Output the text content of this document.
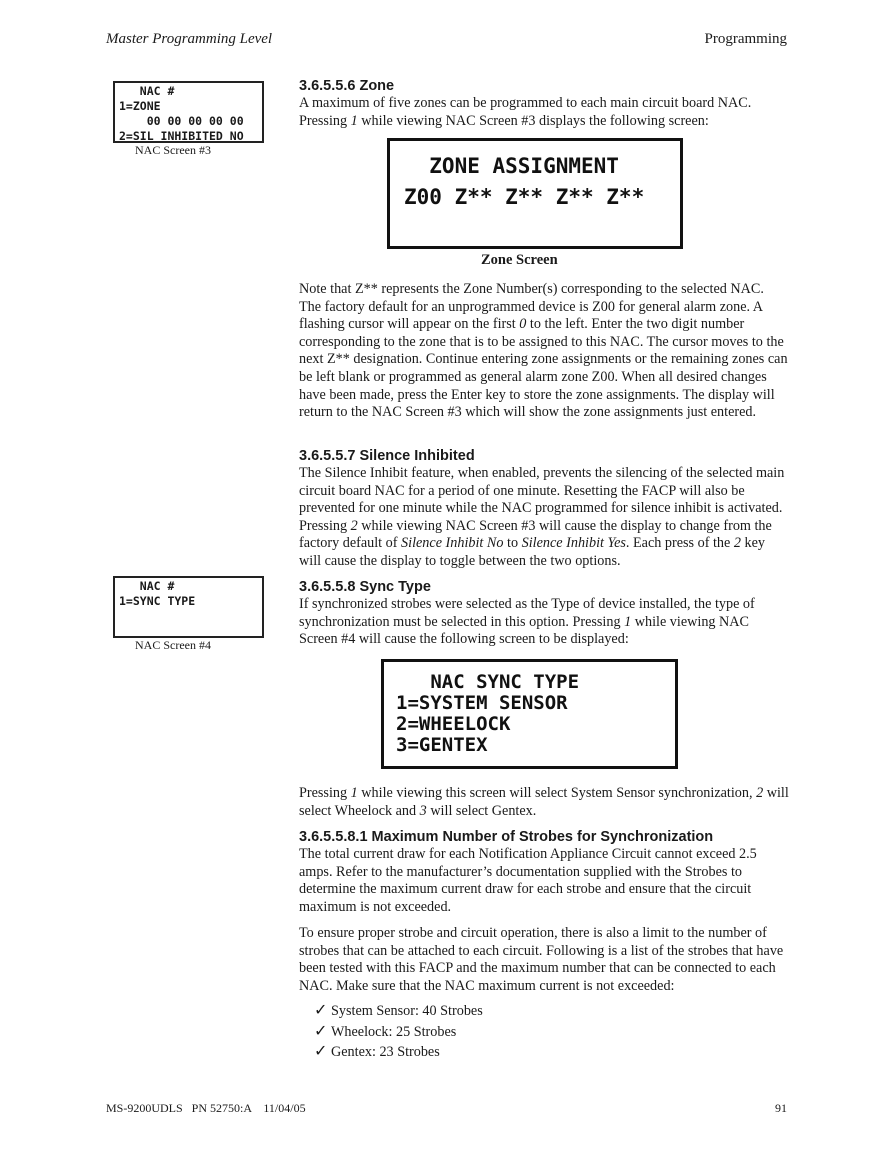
Master Programming Level	Programming
NAC #
1=ZONE
00 00 00 00 00
2=SIL INHIBITED NO
NAC Screen #3
NAC #
1=SYNC TYPE
NAC Screen #4
3.6.5.5.6 Zone

A maximum of five zones can be programmed to each main circuit board NAC. Pressing 1 while viewing NAC Screen #3 displays the following screen:

ZONE ASSIGNMENT
Z00 Z** Z** Z** Z**
Zone Screen

Note that Z** represents the Zone Number(s) corresponding to the selected NAC. The factory default for an unprogrammed device is Z00 for general alarm zone. A flashing cursor will appear on the first 0 to the left. Enter the two digit number corresponding to the zone that is to be assigned to this NAC. The cursor moves to the next Z** designation. Continue entering zone assignments or the remaining zones can be left blank or programmed as general alarm zone Z00. When all desired changes have been made, press the Enter key to store the zone assignments. The display will return to the NAC Screen #3 which will show the zone assignments just entered.

3.6.5.5.7 Silence Inhibited

The Silence Inhibit feature, when enabled, prevents the silencing of the selected main circuit board NAC for a period of one minute. Resetting the FACP will also be prevented for one minute while the NAC programmed for silence inhibit is activated. Pressing 2 while viewing NAC Screen #3 will cause the display to change from the factory default of Silence Inhibit No to Silence Inhibit Yes. Each press of the 2 key will cause the display to toggle between the two options.

3.6.5.5.8 Sync Type

If synchronized strobes were selected as the Type of device installed, the type of synchronization must be selected in this option. Pressing 1 while viewing NAC Screen #4 will cause the following screen to be displayed:

NAC SYNC TYPE
1=SYSTEM SENSOR
2=WHEELOCK
3=GENTEX

Pressing 1 while viewing this screen will select System Sensor synchronization, 2 will select Wheelock and 3 will select Gentex.

3.6.5.5.8.1 Maximum Number of Strobes for Synchronization

The total current draw for each Notification Appliance Circuit cannot exceed 2.5 amps. Refer to the manufacturer’s documentation supplied with the Strobes to determine the maximum current draw for each strobe and ensure that the circuit maximum is not exceeded.

To ensure proper strobe and circuit operation, there is also a limit to the number of strobes that can be attached to each circuit. Following is a list of the strobes that have been tested with this FACP and the maximum number that can be connected to each NAC. Make sure that the NAC maximum current is not exceeded:

✓ System Sensor: 40 Strobes
✓ Wheelock: 25 Strobes
✓ Gentex: 23 Strobes
MS-9200UDLS   PN 52750:A    11/04/05	91
